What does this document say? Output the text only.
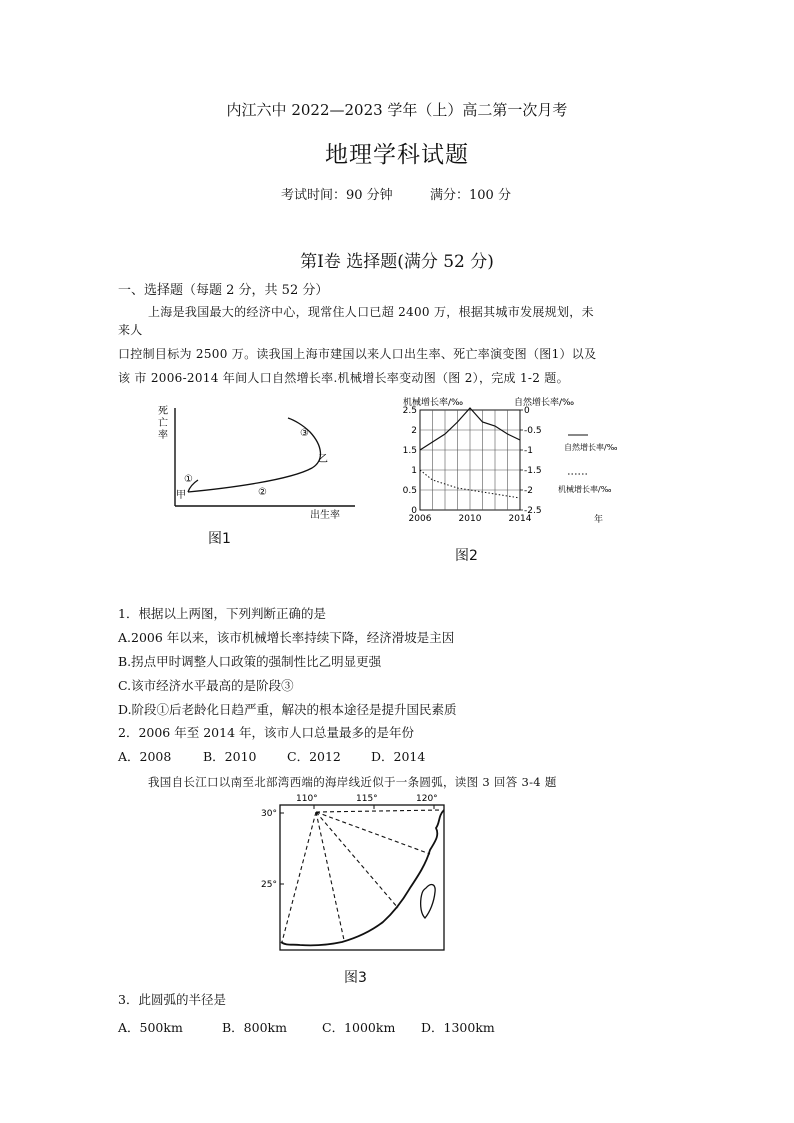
内江六中 2022—2023 学年（上）高二第一次月考
地理学科试题
考试时间：90 分钟	满分：100 分
第Ⅰ卷 选择题(满分 52 分)
一、选择题（每题 2 分，共 52 分）
上海是我国最大的经济中心，现常住人口已超 2400 万，根据其城市发展规划，未
来人
口控制目标为 2500 万。读我国上海市建国以来人口出生率、死亡率演变图（图1）以及
该 市 2006-2014 年间人口自然增长率.机械增长率变动图（图 2），完成 1-2 题。
死
亡
率
甲
乙
①
②
③
出生率
图1
0
0.5
1
1.5
2
2.5
-2.5
-2
-1.5
-1
-0.5
0
2006	2010	2014
机械增长率/‰	自然增长率/‰
年
自然增长率/‰
机械增长率/‰
图2
1．根据以上两图，下列判断正确的是
A.2006 年以来，该市机械增长率持续下降，经济滑坡是主因
B.拐点甲时调整人口政策的强制性比乙明显更强
C.该市经济水平最高的是阶段③
D.阶段①后老龄化日趋严重，解决的根本途径是提升国民素质
2．2006 年至 2014 年，该市人口总量最多的是年份
A．2008	B．2010 C．2012 D．2014
我国自长江口以南至北部湾西端的海岸线近似于一条圆弧，读图 3 回答 3-4 题
110°	115°	120°
30°
25°
图3
3．此圆弧的半径是
A．500km	B．800km	C．1000km D．1300km
